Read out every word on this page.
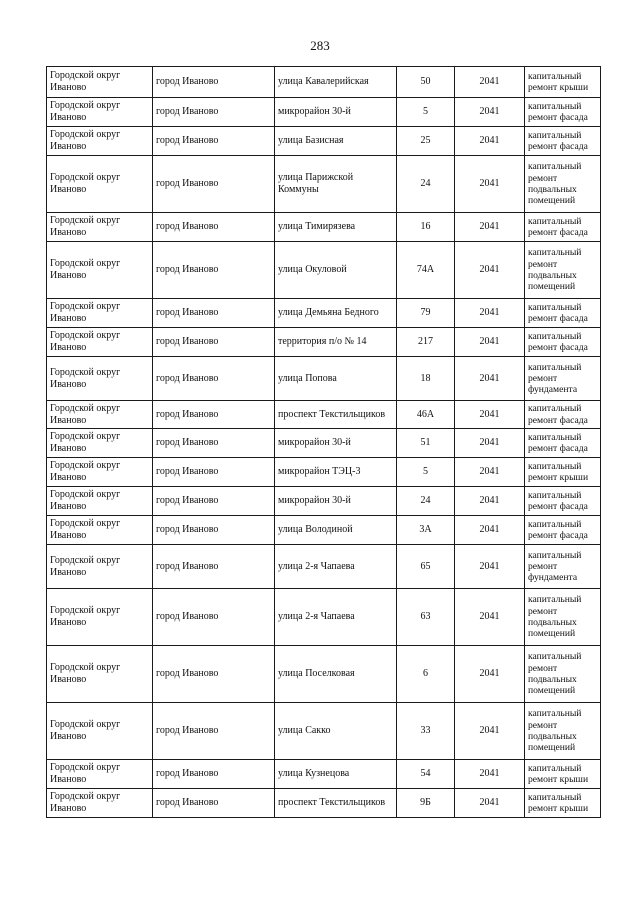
283
Городской округ Иваново	город Иваново	улица Кавалерийская	50	2041	капитальный ремонт крыши
Городской округ Иваново	город Иваново	микрорайон 30-й	5	2041	капитальный ремонт фасада
Городской округ Иваново	город Иваново	улица Базисная	25	2041	капитальный ремонт фасада
Городской округ Иваново	город Иваново	улица Парижской Коммуны	24	2041	капитальный ремонт подвальных помещений
Городской округ Иваново	город Иваново	улица Тимирязева	16	2041	капитальный ремонт фасада
Городской округ Иваново	город Иваново	улица Окуловой	74А	2041	капитальный ремонт подвальных помещений
Городской округ Иваново	город Иваново	улица Демьяна Бедного	79	2041	капитальный ремонт фасада
Городской округ Иваново	город Иваново	территория п/о № 14	217	2041	капитальный ремонт фасада
Городской округ Иваново	город Иваново	улица Попова	18	2041	капитальный ремонт фундамента
Городской округ Иваново	город Иваново	проспект Текстильщиков	46А	2041	капитальный ремонт фасада
Городской округ Иваново	город Иваново	микрорайон 30-й	51	2041	капитальный ремонт фасада
Городской округ Иваново	город Иваново	микрорайон ТЭЦ-3	5	2041	капитальный ремонт крыши
Городской округ Иваново	город Иваново	микрорайон 30-й	24	2041	капитальный ремонт фасада
Городской округ Иваново	город Иваново	улица Володиной	3А	2041	капитальный ремонт фасада
Городской округ Иваново	город Иваново	улица 2-я Чапаева	65	2041	капитальный ремонт фундамента
Городской округ Иваново	город Иваново	улица 2-я Чапаева	63	2041	капитальный ремонт подвальных помещений
Городской округ Иваново	город Иваново	улица Поселковая	6	2041	капитальный ремонт подвальных помещений
Городской округ Иваново	город Иваново	улица Сакко	33	2041	капитальный ремонт подвальных помещений
Городской округ Иваново	город Иваново	улица Кузнецова	54	2041	капитальный ремонт крыши
Городской округ Иваново	город Иваново	проспект Текстильщиков	9Б	2041	капитальный ремонт крыши
